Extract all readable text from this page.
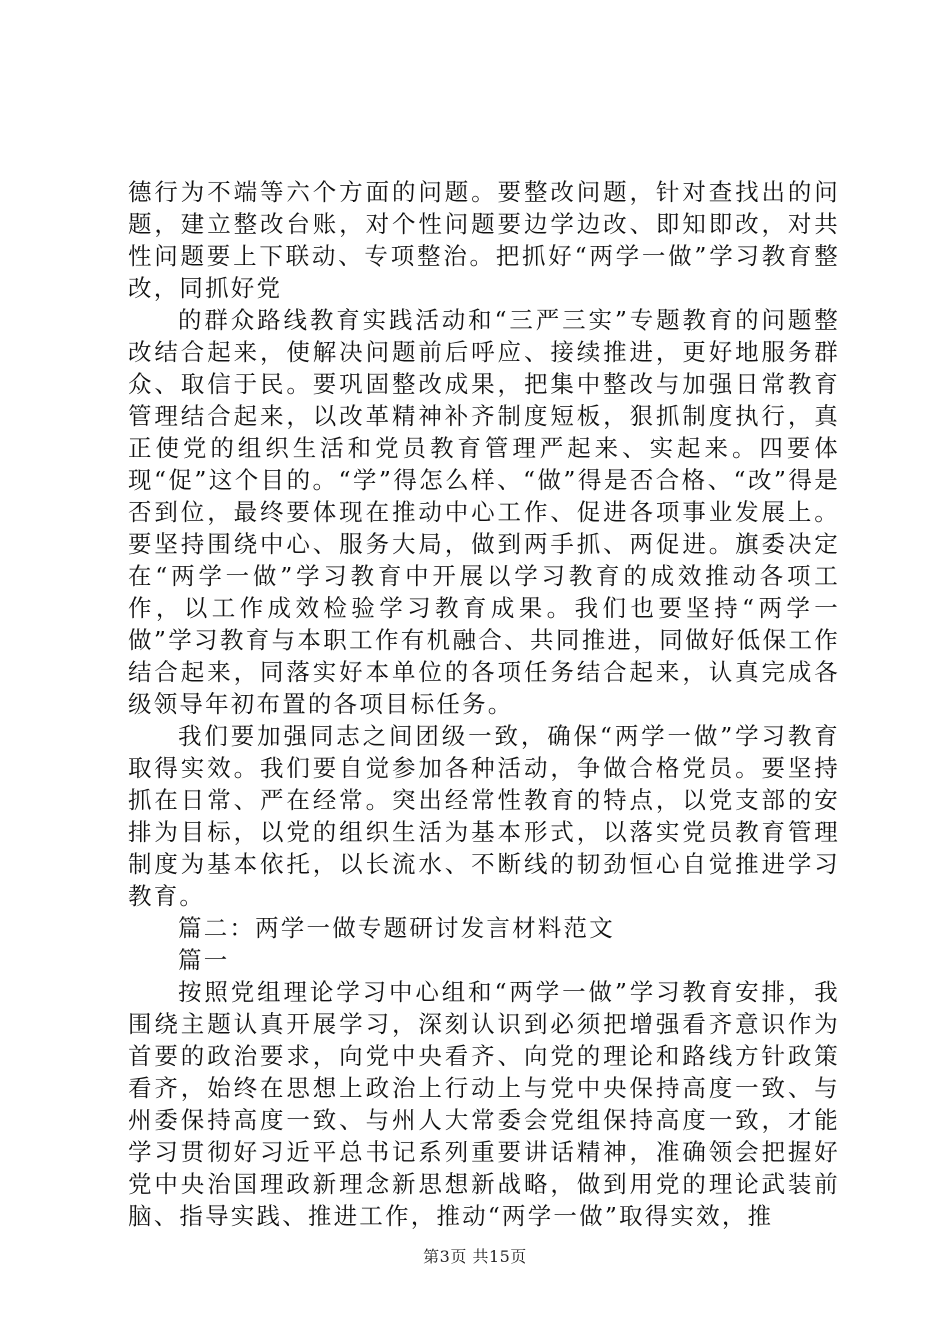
德行为不端等六个方面的问题。要整改问题，针对查找出的问题，建立整改台账，对个性问题要边学边改、即知即改，对共性问题要上下联动、专项整治。把抓好“两学一做”学习教育整改，同抓好党

的群众路线教育实践活动和“三严三实”专题教育的问题整改结合起来，使解决问题前后呼应、接续推进，更好地服务群众、取信于民。要巩固整改成果，把集中整改与加强日常教育管理结合起来，以改革精神补齐制度短板，狠抓制度执行，真正使党的组织生活和党员教育管理严起来、实起来。四要体现“促”这个目的。“学”得怎么样、“做”得是否合格、“改”得是否到位，最终要体现在推动中心工作、促进各项事业发展上。要坚持围绕中心、服务大局，做到两手抓、两促进。旗委决定在“两学一做”学习教育中开展以学习教育的成效推动各项工作，以工作成效检验学习教育成果。我们也要坚持“两学一做”学习教育与本职工作有机融合、共同推进，同做好低保工作结合起来，同落实好本单位的各项任务结合起来，认真完成各级领导年初布置的各项目标任务。

我们要加强同志之间团级一致，确保“两学一做”学习教育取得实效。我们要自觉参加各种活动，争做合格党员。要坚持抓在日常、严在经常。突出经常性教育的特点，以党支部的安排为目标，以党的组织生活为基本形式，以落实党员教育管理制度为基本依托，以长流水、不断线的韧劲恒心自觉推进学习教育。

篇二：两学一做专题研讨发言材料范文

篇一

按照党组理论学习中心组和“两学一做”学习教育安排，我围绕主题认真开展学习，深刻认识到必须把增强看齐意识作为首要的政治要求，向党中央看齐、向党的理论和路线方针政策看齐，始终在思想上政治上行动上与党中央保持高度一致、与州委保持高度一致、与州人大常委会党组保持高度一致，才能学习贯彻好习近平总书记系列重要讲话精神，准确领会把握好党中央治国理政新理念新思想新战略，做到用党的理论武装前脑、指导实践、推进工作，推动“两学一做”取得实效，推

第3页 共15页
